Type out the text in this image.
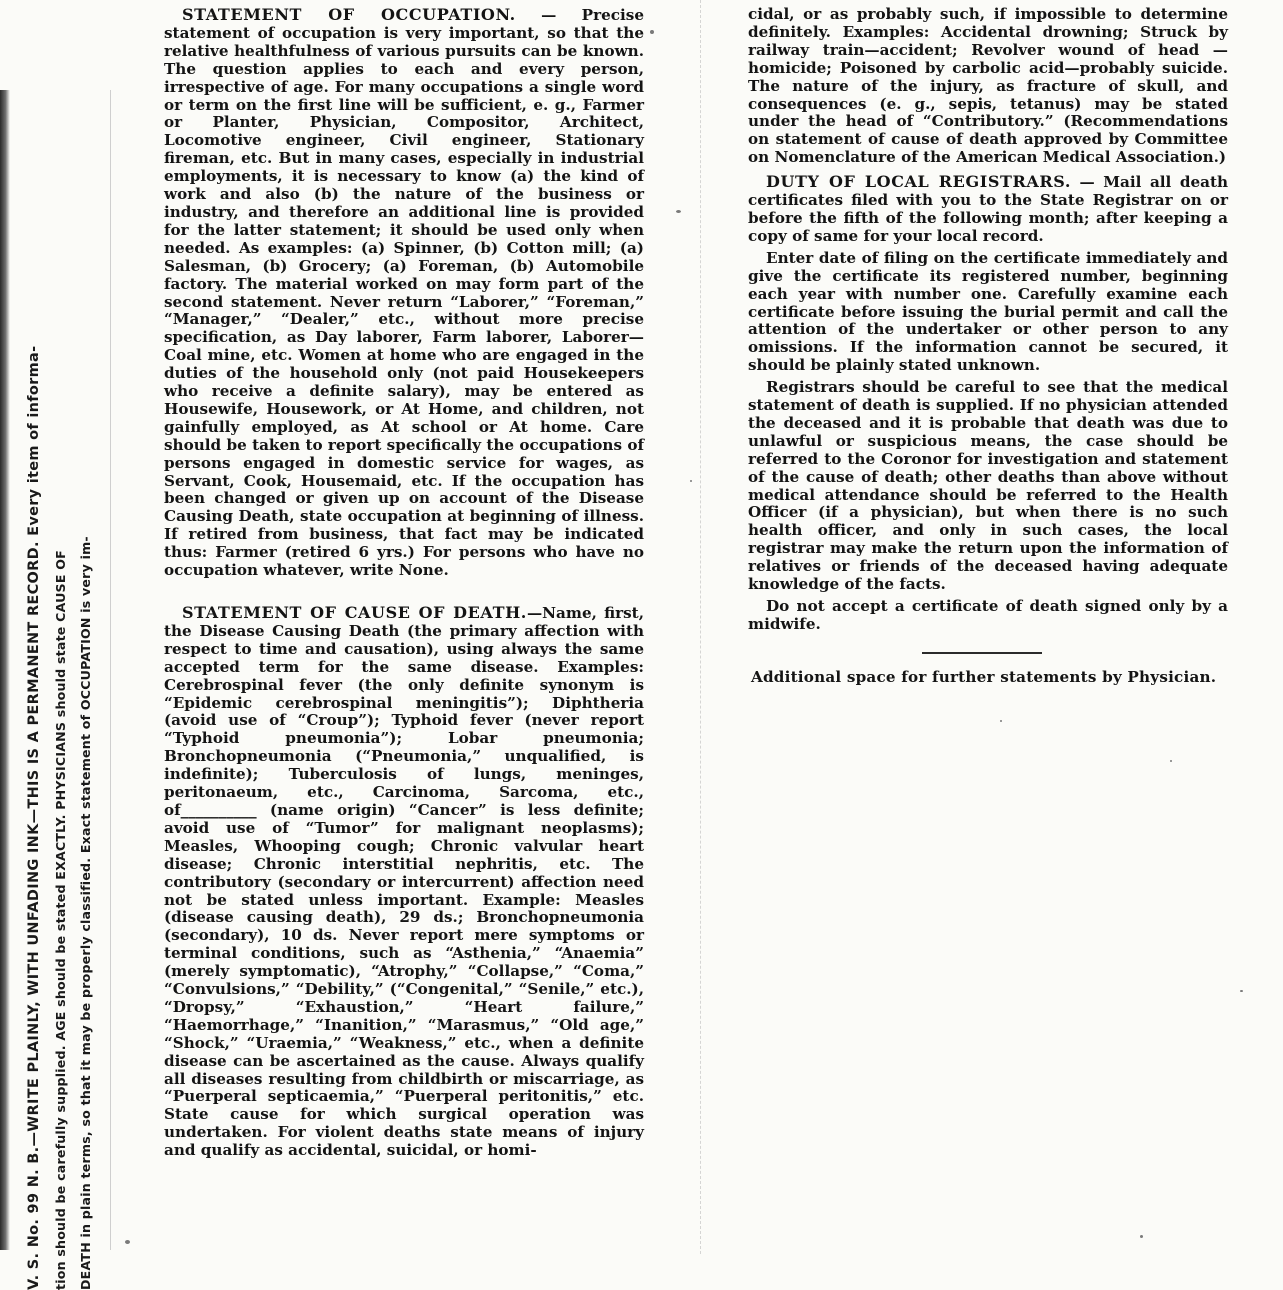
V. S. No. 99 N. B.—WRITE PLAINLY, WITH UNFADING INK—THIS IS A PERMANENT RECORD. Every item of informa- tion should be carefully supplied. AGE should be stated EXACTLY. PHYSICIANS should state CAUSE OF DEATH in plain terms, so that it may be properly classified. Exact statement of OCCUPATION is very im-

STATEMENT OF OCCUPATION. — Precise statement of occupation is very important, so that the relative healthfulness of various pursuits can be known. The question applies to each and every person, irrespective of age. For many occupations a single word or term on the first line will be sufficient, e. g., Farmer or Planter, Physician, Compositor, Architect, Locomotive engineer, Civil engineer, Stationary fireman, etc. But in many cases, especially in industrial employments, it is necessary to know (a) the kind of work and also (b) the nature of the business or industry, and therefore an additional line is provided for the latter statement; it should be used only when needed. As examples: (a) Spinner, (b) Cotton mill; (a) Salesman, (b) Grocery; (a) Foreman, (b) Automobile factory. The material worked on may form part of the second statement. Never return “Laborer,” “Foreman,” “Manager,” “Dealer,” etc., without more precise specification, as Day laborer, Farm laborer, Laborer—Coal mine, etc. Women at home who are engaged in the duties of the household only (not paid Housekeepers who receive a definite salary), may be entered as Housewife, Housework, or At Home, and children, not gainfully employed, as At school or At home. Care should be taken to report specifically the occupations of persons engaged in domestic service for wages, as Servant, Cook, Housemaid, etc. If the occupation has been changed or given up on account of the Disease Causing Death, state occupation at beginning of illness. If retired from business, that fact may be indicated thus: Farmer (retired 6 yrs.) For persons who have no occupation whatever, write None.

STATEMENT OF CAUSE OF DEATH.—Name, first, the Disease Causing Death (the primary affection with respect to time and causation), using always the same accepted term for the same disease. Examples: Cerebrospinal fever (the only definite synonym is “Epidemic cerebrospinal meningitis”); Diphtheria (avoid use of “Croup”); Typhoid fever (never report “Typhoid pneumonia”); Lobar pneumonia; Bronchopneumonia (“Pneumonia,” unqualified, is indefinite); Tuberculosis of lungs, meninges, peritonaeum, etc., Carcinoma, Sarcoma, etc., of__________ (name origin) “Cancer” is less definite; avoid use of “Tumor” for malignant neoplasms); Measles, Whooping cough; Chronic valvular heart disease; Chronic interstitial nephritis, etc. The contributory (secondary or intercurrent) affection need not be stated unless important. Example: Measles (disease causing death), 29 ds.; Bronchopneumonia (secondary), 10 ds. Never report mere symptoms or terminal conditions, such as “Asthenia,” “Anaemia” (merely symptomatic), “Atrophy,” “Collapse,” “Coma,” “Convulsions,” “Debility,” (“Congenital,” “Senile,” etc.), “Dropsy,” “Exhaustion,” “Heart failure,” “Haemorrhage,” “Inanition,” “Marasmus,” “Old age,” “Shock,” “Uraemia,” “Weakness,” etc., when a definite disease can be ascertained as the cause. Always qualify all diseases resulting from childbirth or miscarriage, as “Puerperal septicaemia,” “Puerperal peritonitis,” etc. State cause for which surgical operation was undertaken. For violent deaths state means of injury and qualify as accidental, suicidal, or homi-

cidal, or as probably such, if impossible to determine definitely. Examples: Accidental drowning; Struck by railway train—accident; Revolver wound of head —homicide; Poisoned by carbolic acid—probably suicide. The nature of the injury, as fracture of skull, and consequences (e. g., sepis, tetanus) may be stated under the head of “Contributory.” (Recommendations on statement of cause of death approved by Committee on Nomenclature of the American Medical Association.)

DUTY OF LOCAL REGISTRARS. — Mail all death certificates filed with you to the State Registrar on or before the fifth of the following month; after keeping a copy of same for your local record.

Enter date of filing on the certificate immediately and give the certificate its registered number, beginning each year with number one. Carefully examine each certificate before issuing the burial permit and call the attention of the undertaker or other person to any omissions. If the information cannot be secured, it should be plainly stated unknown.

Registrars should be careful to see that the medical statement of death is supplied. If no physician attended the deceased and it is probable that death was due to unlawful or suspicious means, the case should be referred to the Coronor for investigation and statement of the cause of death; other deaths than above without medical attendance should be referred to the Health Officer (if a physician), but when there is no such health officer, and only in such cases, the local registrar may make the return upon the information of relatives or friends of the deceased having adequate knowledge of the facts.

Do not accept a certificate of death signed only by a midwife.

Additional space for further statements by Physician.
